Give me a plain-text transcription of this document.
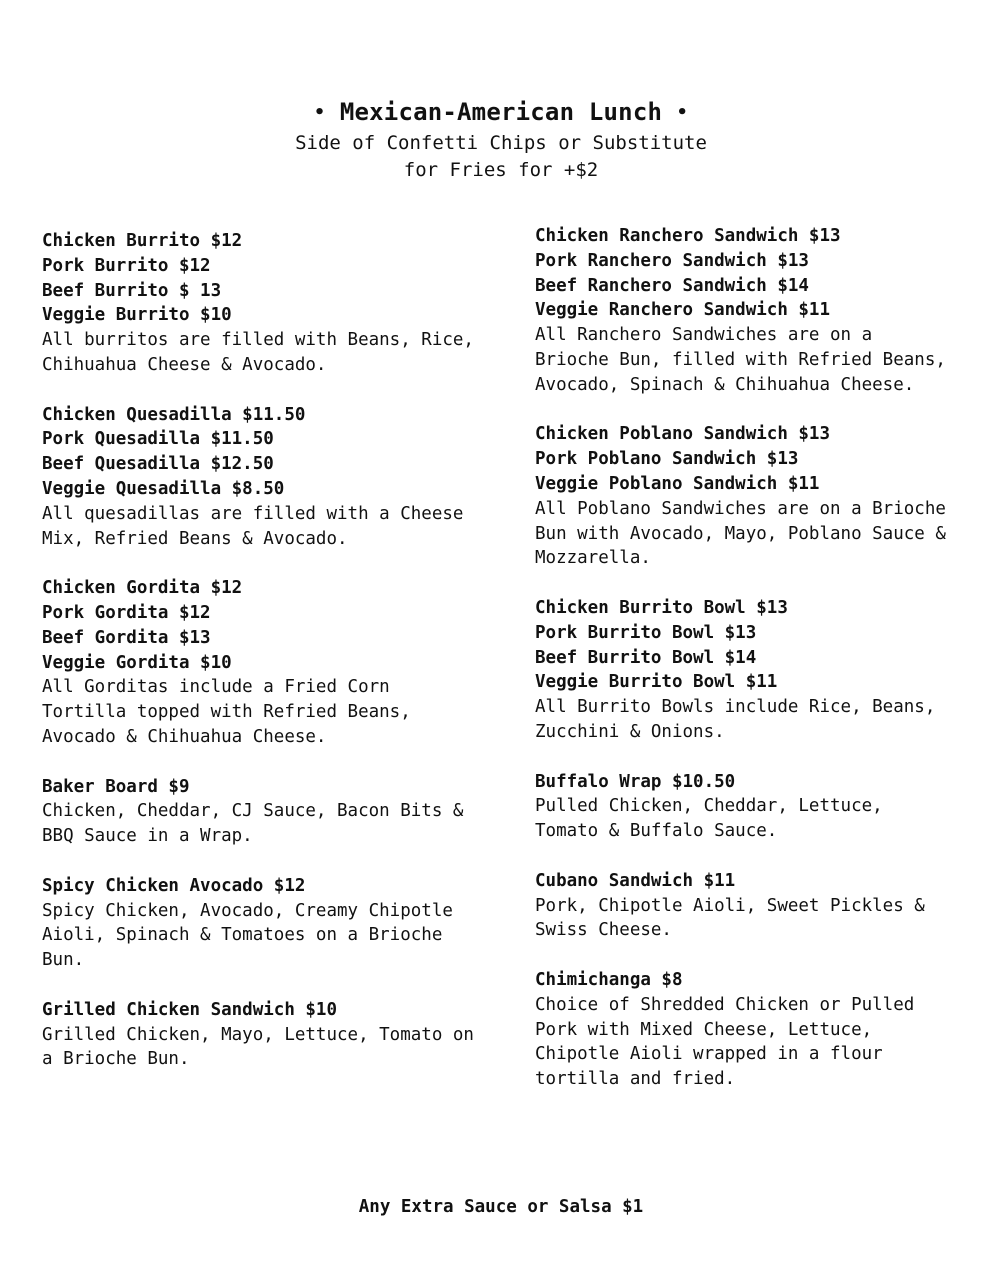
• Mexican-American Lunch •
Side of Confetti Chips or Substitute
for Fries for +$2
Chicken Burrito $12
Pork Burrito $12
Beef Burrito $ 13
Veggie Burrito $10
All burritos are filled with Beans, Rice,
Chihuahua Cheese & Avocado.
Chicken Quesadilla $11.50
Pork Quesadilla $11.50
Beef Quesadilla $12.50
Veggie Quesadilla $8.50
All quesadillas are filled with a Cheese
Mix, Refried Beans & Avocado.
Chicken Gordita $12
Pork Gordita $12
Beef Gordita $13
Veggie Gordita $10
All Gorditas include a Fried Corn
Tortilla topped with Refried Beans,
Avocado & Chihuahua Cheese.
Baker Board $9
Chicken, Cheddar, CJ Sauce, Bacon Bits &
BBQ Sauce in a Wrap.
Spicy Chicken Avocado $12
Spicy Chicken, Avocado, Creamy Chipotle
Aioli, Spinach & Tomatoes on a Brioche
Bun.
Grilled Chicken Sandwich $10
Grilled Chicken, Mayo, Lettuce, Tomato on
a Brioche Bun.
Chicken Ranchero Sandwich $13
Pork Ranchero Sandwich $13
Beef Ranchero Sandwich $14
Veggie Ranchero Sandwich $11
All Ranchero Sandwiches are on a
Brioche Bun, filled with Refried Beans,
Avocado, Spinach & Chihuahua Cheese.
Chicken Poblano Sandwich $13
Pork Poblano Sandwich $13
Veggie Poblano Sandwich $11
All Poblano Sandwiches are on a Brioche
Bun with Avocado, Mayo, Poblano Sauce &
Mozzarella.
Chicken Burrito Bowl $13
Pork Burrito Bowl $13
Beef Burrito Bowl $14
Veggie Burrito Bowl $11
All Burrito Bowls include Rice, Beans,
Zucchini & Onions.
Buffalo Wrap $10.50
Pulled Chicken, Cheddar, Lettuce,
Tomato & Buffalo Sauce.
Cubano Sandwich $11
Pork, Chipotle Aioli, Sweet Pickles &
Swiss Cheese.
Chimichanga $8
Choice of Shredded Chicken or Pulled
Pork with Mixed Cheese, Lettuce,
Chipotle Aioli wrapped in a flour
tortilla and fried.
Any Extra Sauce or Salsa $1
